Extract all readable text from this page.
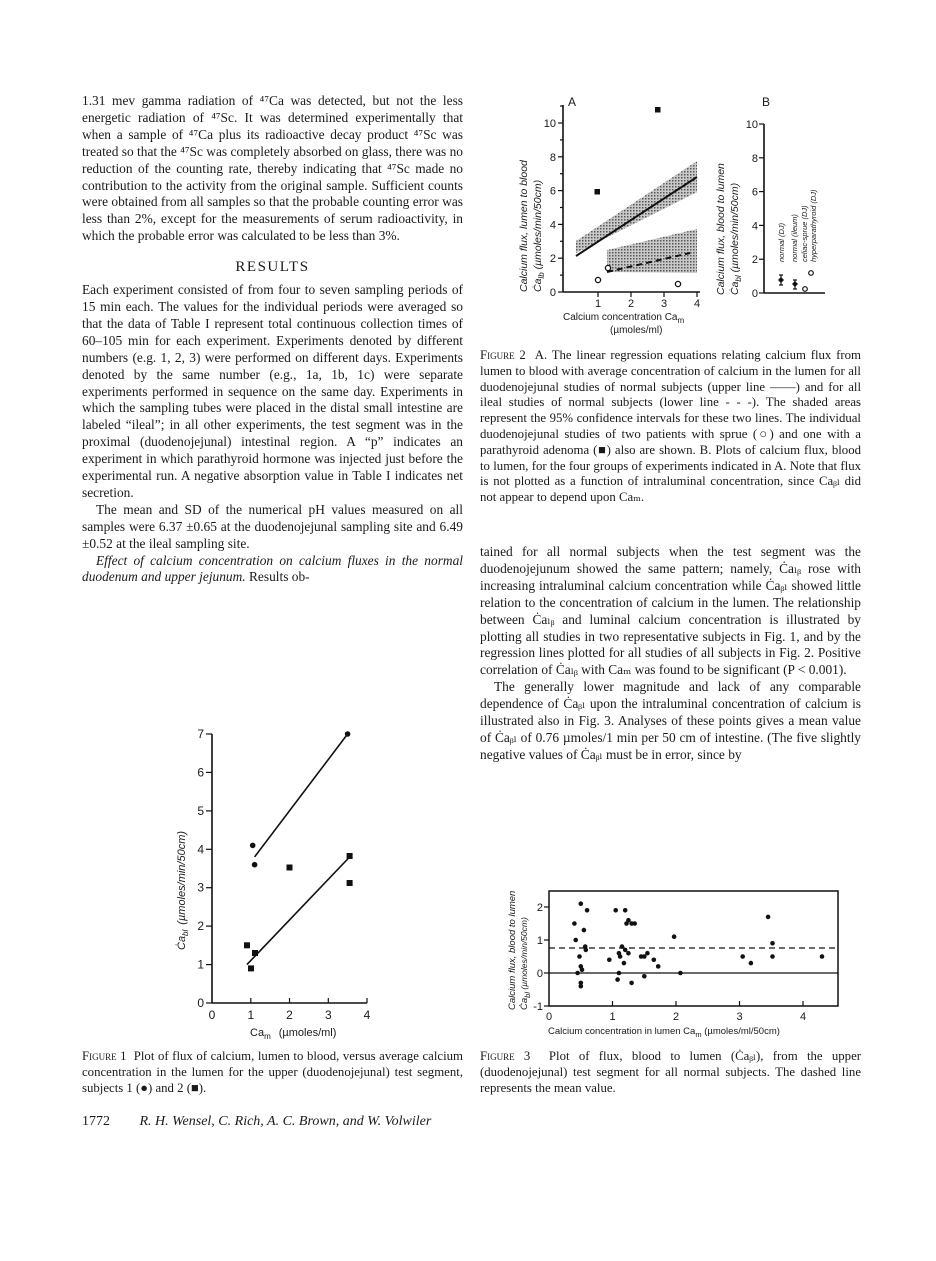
1.31 mev gamma radiation of ⁴⁷Ca was detected, but not the less energetic radiation of ⁴⁷Sc. It was determined experimentally that when a sample of ⁴⁷Ca plus its radioactive decay product ⁴⁷Sc was treated so that the ⁴⁷Sc was completely absorbed on glass, there was no reduction of the counting rate, thereby indicating that ⁴⁷Sc made no contribution to the activity from the original sample. Sufficient counts were obtained from all samples so that the probable counting error was less than 2%, except for the measurements of serum radioactivity, in which the probable error was calculated to be less than 3%.

RESULTS

Each experiment consisted of from four to seven sampling periods of 15 min each. The values for the individual periods were averaged so that the data of Table I represent total continuous collection times of 60–105 min for each experiment. Experiments denoted by different numbers (e.g. 1, 2, 3) were performed on different days. Experiments denoted by the same number (e.g., 1a, 1b, 1c) were separate experiments performed in sequence on the same day. Experiments in which the sampling tubes were placed in the distal small intestine are labeled “ileal”; in all other experiments, the test segment was in the proximal (duodenojejunal) intestinal region. A “p” indicates an experiment in which parathyroid hormone was injected just before the experimental run. A negative absorption value in Table I indicates net secretion.

The mean and SD of the numerical pH values measured on all samples were 6.37 ±0.65 at the duodenojejunal sampling site and 6.49 ±0.52 at the ileal sampling site.

Effect of calcium concentration on calcium fluxes in the normal duodenum and upper jejunum. Results ob-

0
1
2
3
4
5
6
7
0	1	2	3	4
$Ca_m$ (µmoles/ml)
$Ċa_{bl}(\mu moles/\min/50cm)$
Figure 1 Plot of flux of calcium, lumen to blood, versus average calcium concentration in the lumen for the upper (duodenojejunal) test segment, subjects 1 (●) and 2 (■).
A
0
2
4
6
8
10
1 2 3 4
Calcium flux, lumen to blood $Ċa_{lb}$ (µmoles/min/50cm)
Calcium concentration $Ca_m$
(µmoles/ml)
B
0
2
4
6
8
10
Calcium flux, blood to lumen $Ċa_{bl}$ (µmoles/min/50cm)	normal (DJ) normal (ileum) celiac-sprue (DJ) hyperparathyroid (DJ)
Figure 2 A. The linear regression equations relating calcium flux from lumen to blood with average concentration of calcium in the lumen for all duodenojejunal studies of normal subjects (upper line ——) and for all ileal studies of normal subjects (lower line - - -). The shaded areas represent the 95% confidence intervals for these two lines. The individual duodenojejunal studies of two patients with sprue (○) and one with a parathyroid adenoma (■) also are shown. B. Plots of calcium flux, blood to lumen, for the four groups of experiments indicated in A. Note that flux is not plotted as a function of intraluminal concentration, since Caᵦₗ did not appear to depend upon Caₘ.

tained for all normal subjects when the test segment was the duodenojejunum showed the same pattern; namely, Ċaₗᵦ rose with increasing intraluminal calcium concentration while Ċaᵦₗ showed little relation to the concentration of calcium in the lumen. The relationship between Ċaₗᵦ and luminal calcium concentration is illustrated by plotting all studies in two representative subjects in Fig. 1, and by the regression lines plotted for all studies of all subjects in Fig. 2. Positive correlation of Ċaₗᵦ with Caₘ was found to be significant (P < 0.001).

The generally lower magnitude and lack of any comparable dependence of Ċaᵦₗ upon the intraluminal concentration of calcium is illustrated also in Fig. 3. Analyses of these points gives a mean value of Ċaᵦₗ of 0.76 µmoles/1 min per 50 cm of intestine. (The five slightly negative values of Ċaᵦₗ must be in error, since by

2
1
0
-1
0	1	2	3	4
Calcium flux, blood to lumen $Ċa_{bl}$ (µmoles/min/50cm)
Calcium concentration in lumen $Ca_m$ (µmoles/ml/50cm)
Figure 3 Plot of flux, blood to lumen (Ċaᵦₗ), from the upper (duodenojejunal) test segment for all normal subjects. The dashed line represents the mean value.
1772 R. H. Wensel, C. Rich, A. C. Brown, and W. Volwiler
